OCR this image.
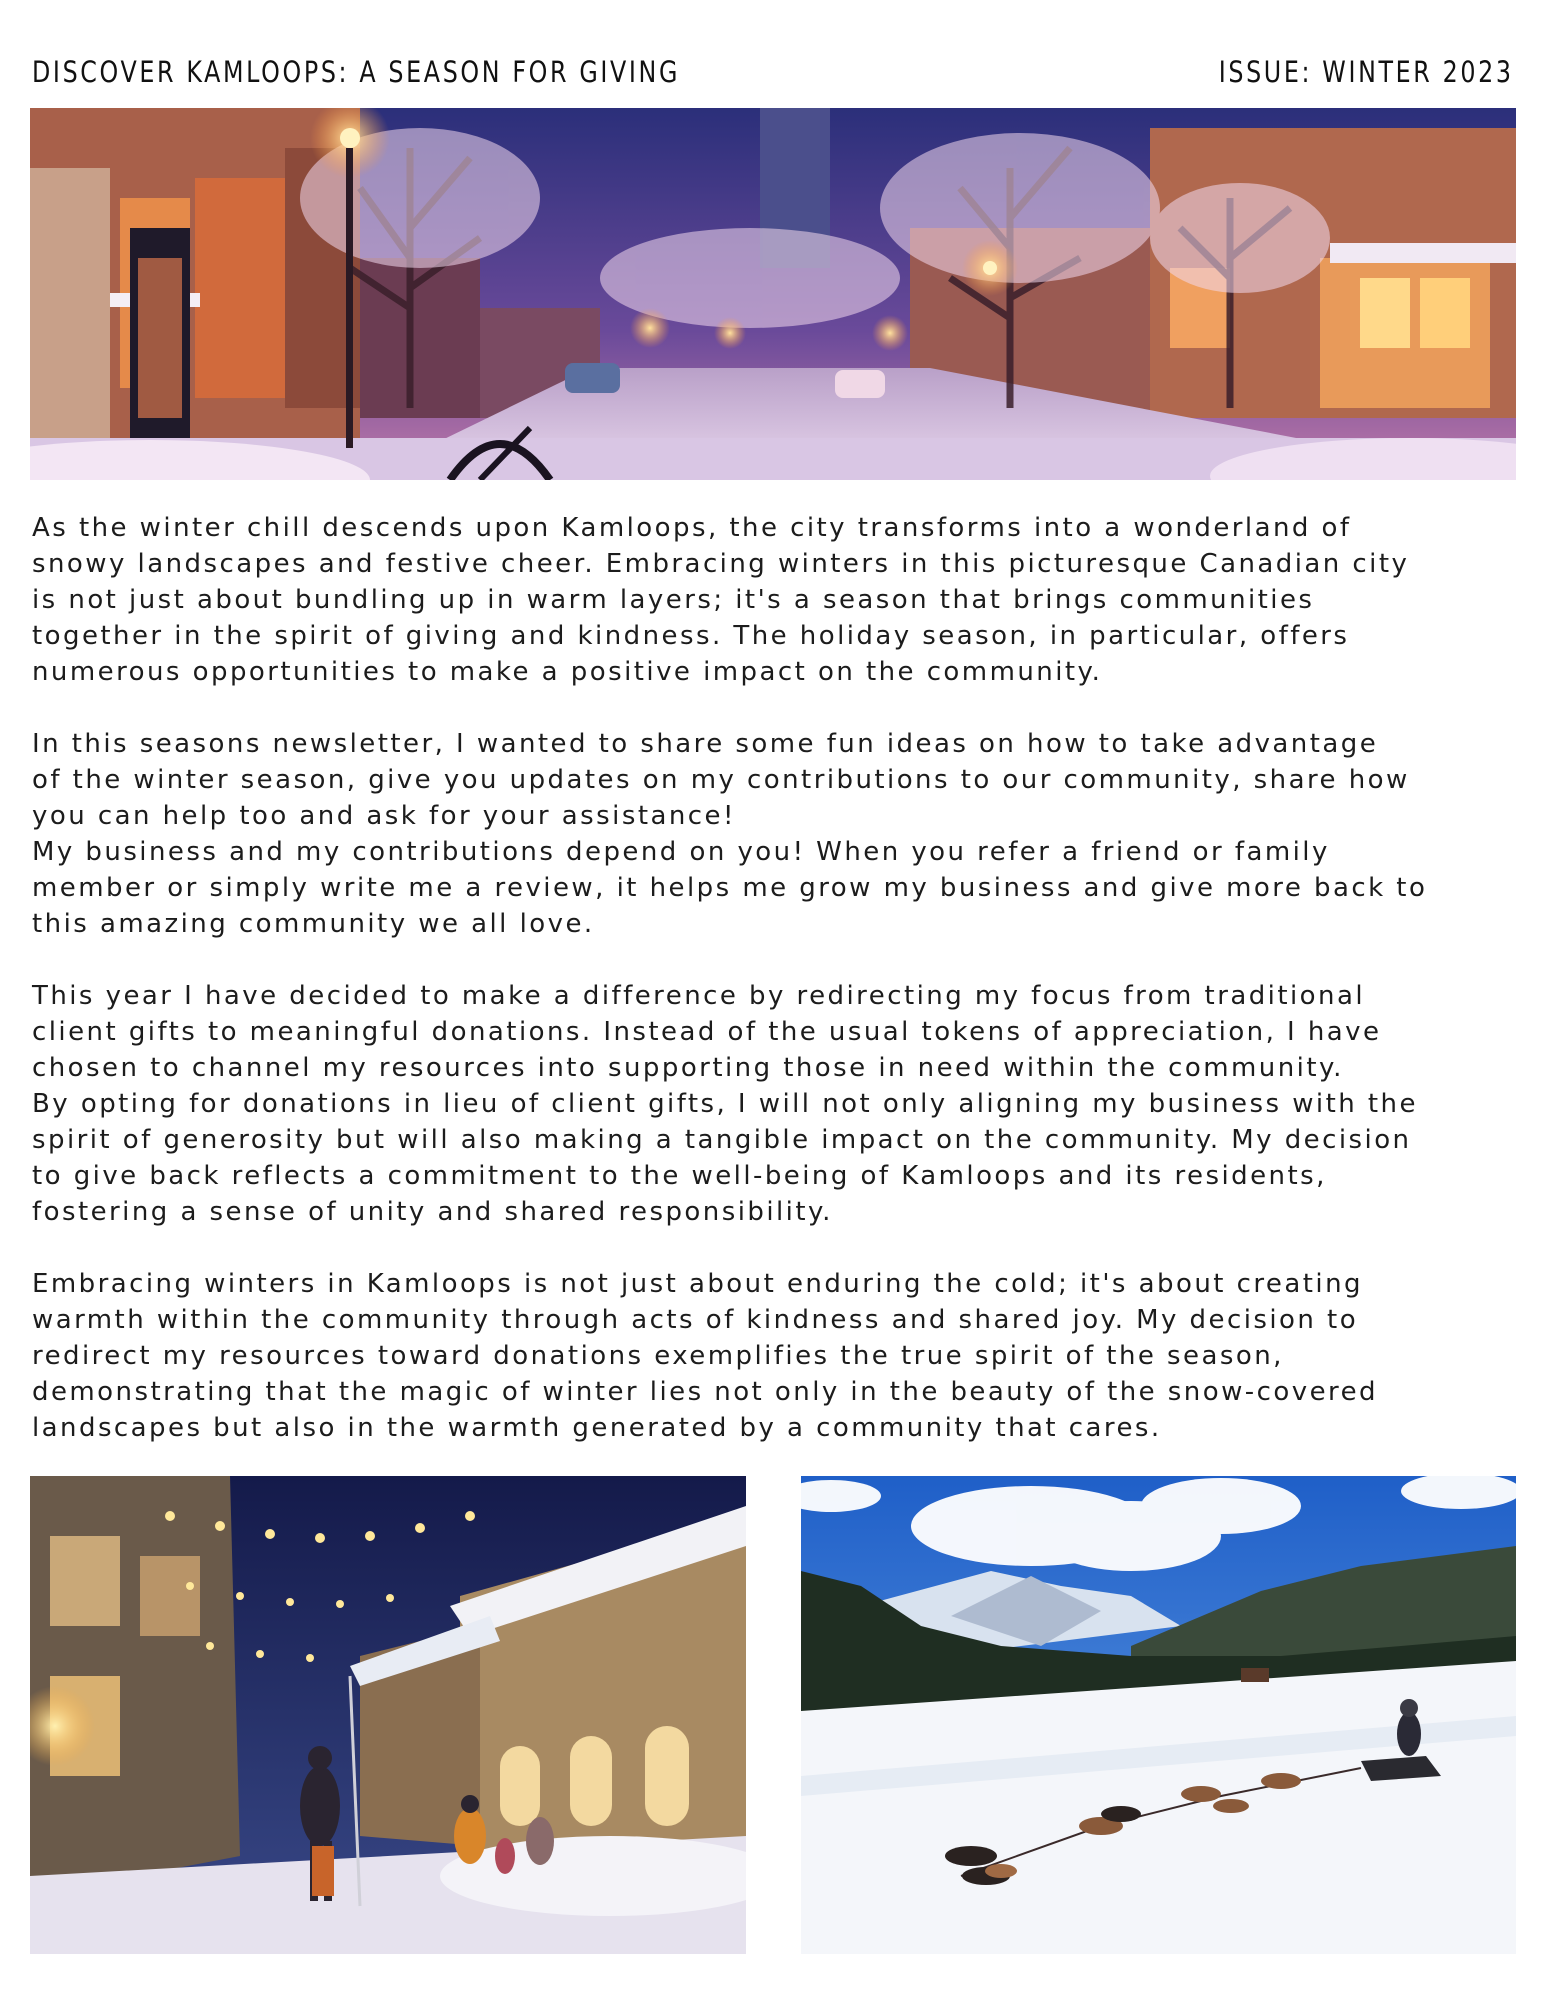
DISCOVER KAMLOOPS: A SEASON FOR GIVING	ISSUE: WINTER 2023

As the winter chill descends upon Kamloops, the city transforms into a wonderland of
snowy landscapes and festive cheer. Embracing winters in this picturesque Canadian city
is not just about bundling up in warm layers; it's a season that brings communities
together in the spirit of giving and kindness. The holiday season, in particular, offers
numerous opportunities to make a positive impact on the community.

In this seasons newsletter, I wanted to share some fun ideas on how to take advantage
of the winter season, give you updates on my contributions to our community, share how
you can help too and ask for your assistance!

My business and my contributions depend on you! When you refer a friend or family
member or simply write me a review, it helps me grow my business and give more back to
this amazing community we all love.

This year I have decided to make a difference by redirecting my focus from traditional
client gifts to meaningful donations. Instead of the usual tokens of appreciation, I have
chosen to channel my resources into supporting those in need within the community.

By opting for donations in lieu of client gifts, I will not only aligning my business with the
spirit of generosity but will also making a tangible impact on the community. My decision
to give back reflects a commitment to the well-being of Kamloops and its residents,
fostering a sense of unity and shared responsibility.

Embracing winters in Kamloops is not just about enduring the cold; it's about creating
warmth within the community through acts of kindness and shared joy. My decision to
redirect my resources toward donations exemplifies the true spirit of the season,
demonstrating that the magic of winter lies not only in the beauty of the snow-covered
landscapes but also in the warmth generated by a community that cares.
